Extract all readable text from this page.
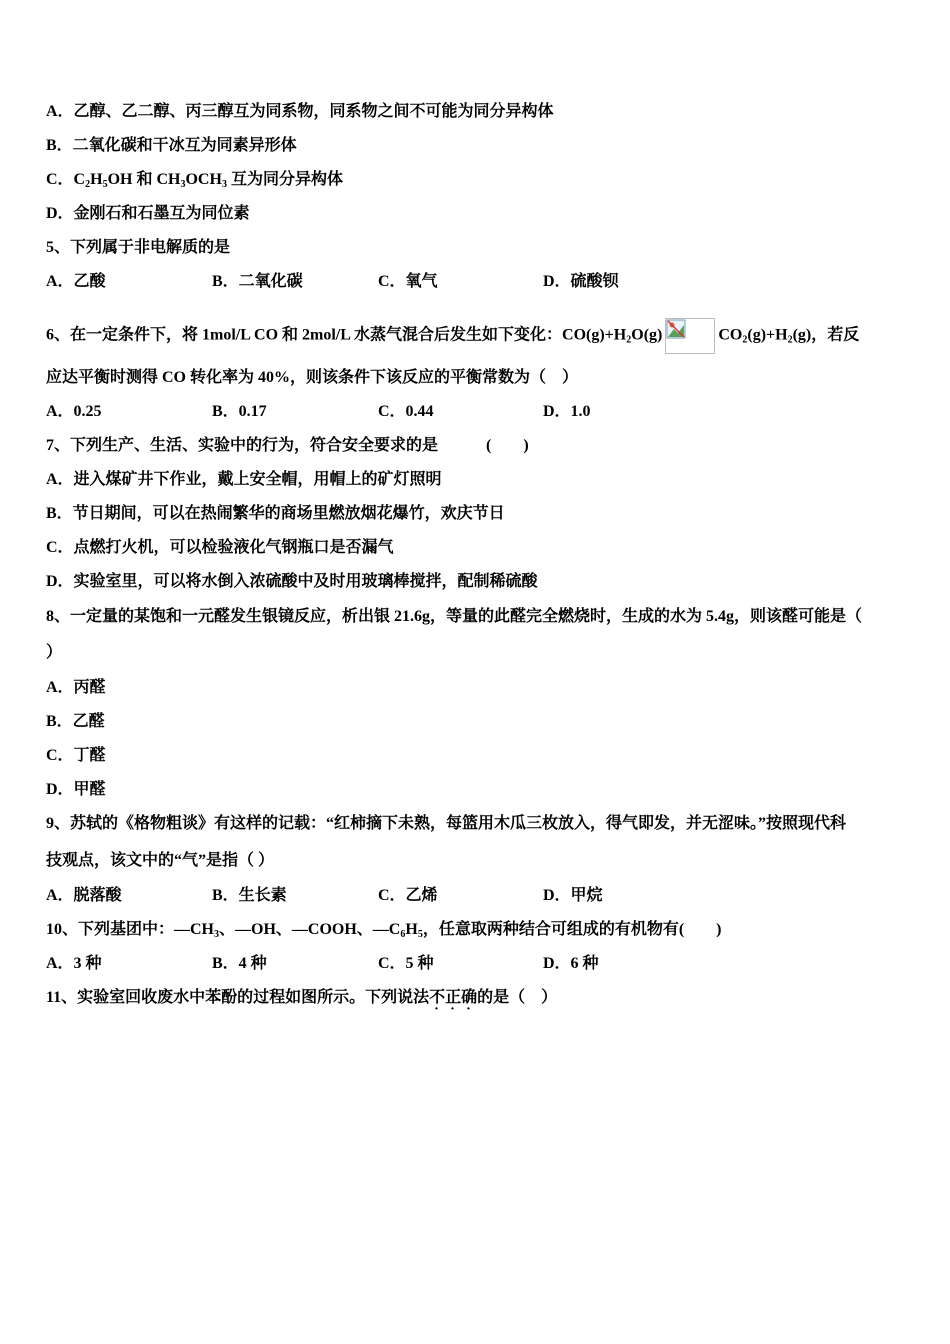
A．乙醇、乙二醇、丙三醇互为同系物，同系物之间不可能为同分异构体
B．二氧化碳和干冰互为同素异形体
C．$C_2H_5OH$ 和 $CH_3OCH_3$ 互为同分异构体
D．金刚石和石墨互为同位素
5、下列属于非电解质的是
A．乙酸	B．二氧化碳	C．氧气	D．硫酸钡
6、在一定条件下，将 1mol/L CO 和 2mol/L 水蒸气混合后发生如下变化：$CO(g)+H_2O(g)$	$CO_2(g)+H_2(g)$，若反
应达平衡时测得 CO 转化率为 40%，则该条件下该反应的平衡常数为（　）
A．0.25	B．0.17	C．0.44	D．1.0
7、下列生产、生活、实验中的行为，符合安全要求的是　　　(　　)
A．进入煤矿井下作业，戴上安全帽，用帽上的矿灯照明
B．节日期间，可以在热闹繁华的商场里燃放烟花爆竹，欢庆节日
C．点燃打火机，可以检验液化气钢瓶口是否漏气
D．实验室里，可以将水倒入浓硫酸中及时用玻璃棒搅拌，配制稀硫酸
8、一定量的某饱和一元醛发生银镜反应，析出银 21.6g，等量的此醛完全燃烧时，生成的水为 5.4g，则该醛可能是（
）
A．丙醛
B．乙醛
C．丁醛
D．甲醛
9、苏轼的《格物粗谈》有这样的记载：“红柿摘下未熟，每篮用木瓜三枚放入，得气即发，并无涩味。”按照现代科
技观点，该文中的“气”是指（ ）
A．脱落酸	B．生长素	C．乙烯	D．甲烷
10、下列基团中：$—CH_3$、—OH、—COOH、$—C_6H_5$，任意取两种结合可组成的有机物有(　　)
A．3 种	B．4 种	C．5 种	D．6 种
11、实验室回收废水中苯酚的过程如图所示。下列说法不正确的是（　）
